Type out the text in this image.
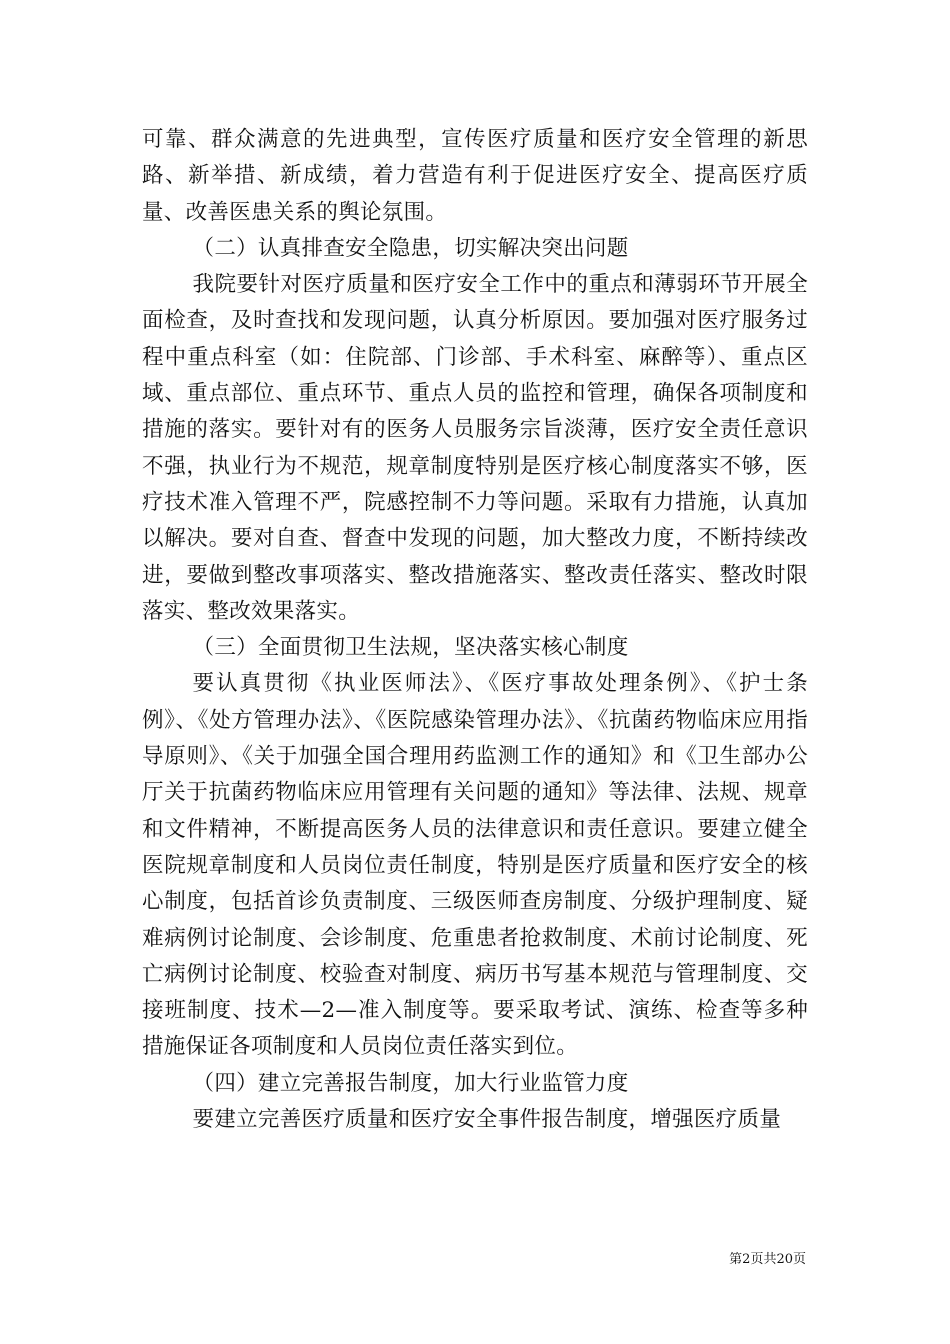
可靠、群众满意的先进典型，宣传医疗质量和医疗安全管理的新思路、新举措、新成绩，着力营造有利于促进医疗安全、提高医疗质量、改善医患关系的舆论氛围。

（二）认真排查安全隐患，切实解决突出问题

我院要针对医疗质量和医疗安全工作中的重点和薄弱环节开展全面检查，及时查找和发现问题，认真分析原因。要加强对医疗服务过程中重点科室（如：住院部、门诊部、手术科室、麻醉等）、重点区域、重点部位、重点环节、重点人员的监控和管理，确保各项制度和措施的落实。要针对有的医务人员服务宗旨淡薄，医疗安全责任意识不强，执业行为不规范，规章制度特别是医疗核心制度落实不够，医疗技术准入管理不严，院感控制不力等问题。采取有力措施，认真加以解决。要对自查、督查中发现的问题，加大整改力度，不断持续改进，要做到整改事项落实、整改措施落实、整改责任落实、整改时限落实、整改效果落实。

（三）全面贯彻卫生法规，坚决落实核心制度

要认真贯彻《执业医师法》、《医疗事故处理条例》、《护士条例》、《处方管理办法》、《医院感染管理办法》、《抗菌药物临床应用指导原则》、《关于加强全国合理用药监测工作的通知》和《卫生部办公厅关于抗菌药物临床应用管理有关问题的通知》等法律、法规、规章和文件精神，不断提高医务人员的法律意识和责任意识。要建立健全医院规章制度和人员岗位责任制度，特别是医疗质量和医疗安全的核心制度，包括首诊负责制度、三级医师查房制度、分级护理制度、疑难病例讨论制度、会诊制度、危重患者抢救制度、术前讨论制度、死亡病例讨论制度、校验查对制度、病历书写基本规范与管理制度、交接班制度、技术—2—准入制度等。要采取考试、演练、检查等多种措施保证各项制度和人员岗位责任落实到位。

（四）建立完善报告制度，加大行业监管力度

要建立完善医疗质量和医疗安全事件报告制度，增强医疗质量

第2页共20页
